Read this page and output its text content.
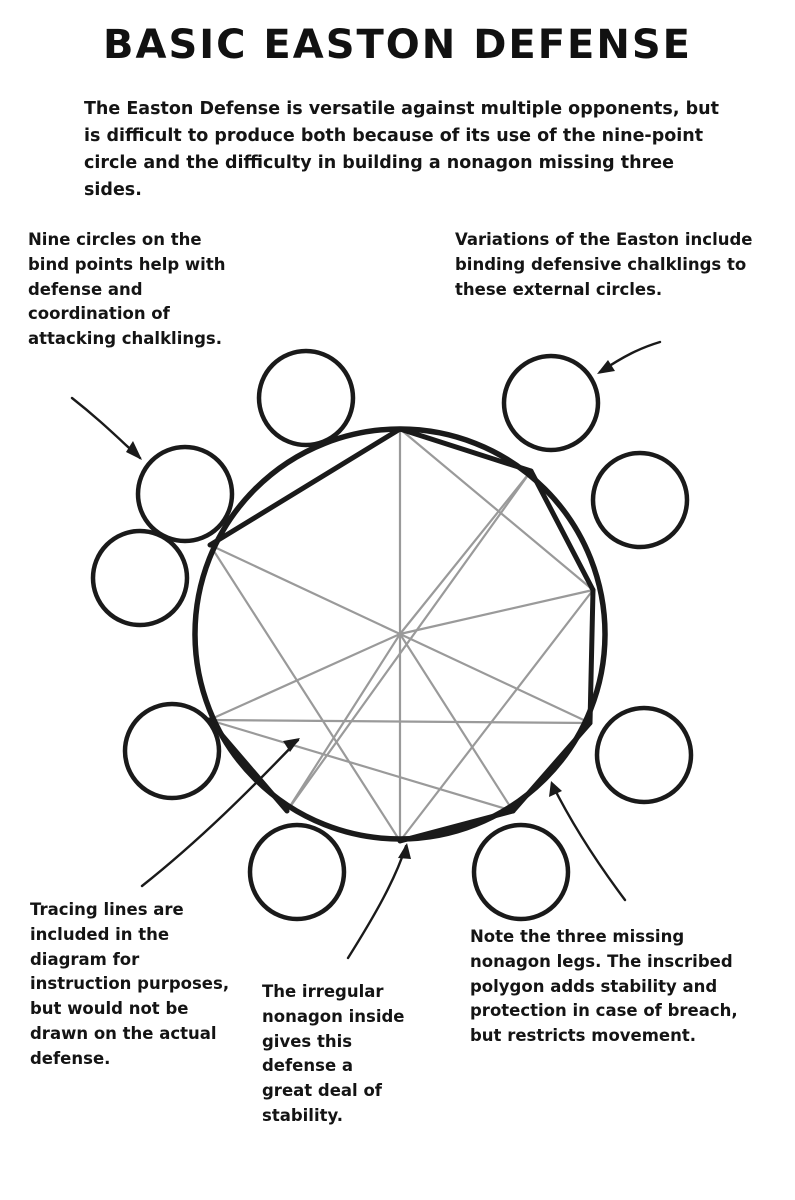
BASIC EASTON DEFENSE
The Easton Defense is versatile against multiple opponents, but is difficult to produce both because of its use of the nine-point circle and the difficulty in building a nonagon missing three sides.
Nine circles on the bind points help with defense and coordination of attacking chalklings.
Variations of the Easton include binding defensive chalklings to these external circles.
Tracing lines are included in the diagram for instruction purposes, but would not be drawn on the actual defense.
The irregular nonagon inside gives this defense a great deal of stability.
Note the three missing nonagon legs. The inscribed polygon adds stability and protection in case of breach, but restricts movement.
